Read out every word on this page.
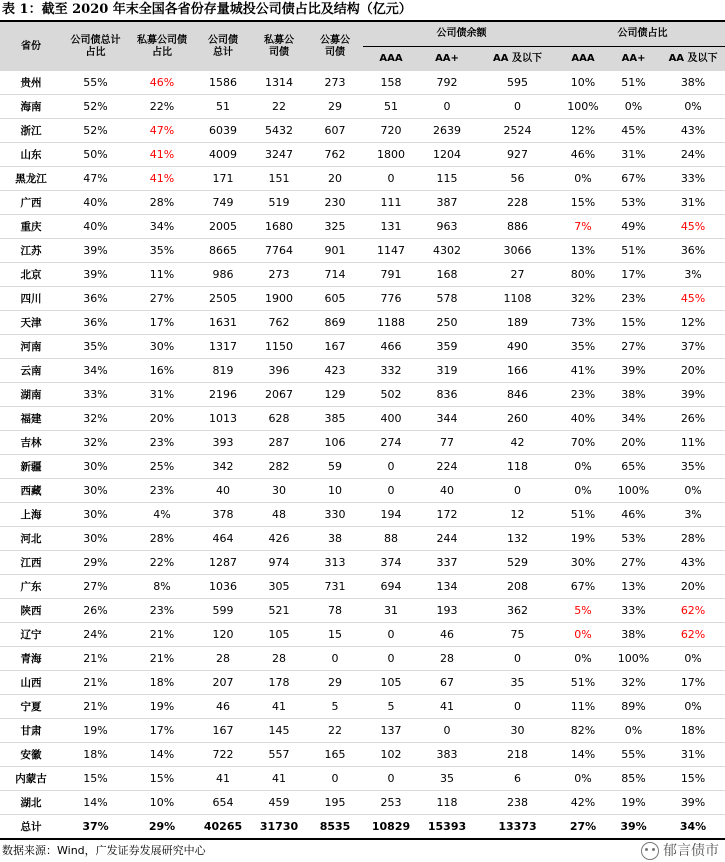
表 1：截至 2020 年末全国各省份存量城投公司债占比及结构（亿元）
省份	公司债总计占比	私募公司债占比	公司债总计	私募公司债	公募公司债	公司债余额			公司债占比		
						AAA	AA+	AA 及以下	AAA	AA+	AA 及以下
贵州	55%	46%	1586	1314	273	158	792	595	10%	51%	38%
海南	52%	22%	51	22	29	51	0	0	100%	0%	0%
浙江	52%	47%	6039	5432	607	720	2639	2524	12%	45%	43%
山东	50%	41%	4009	3247	762	1800	1204	927	46%	31%	24%
黑龙江	47%	41%	171	151	20	0	115	56	0%	67%	33%
广西	40%	28%	749	519	230	111	387	228	15%	53%	31%
重庆	40%	34%	2005	1680	325	131	963	886	7%	49%	45%
江苏	39%	35%	8665	7764	901	1147	4302	3066	13%	51%	36%
北京	39%	11%	986	273	714	791	168	27	80%	17%	3%
四川	36%	27%	2505	1900	605	776	578	1108	32%	23%	45%
天津	36%	17%	1631	762	869	1188	250	189	73%	15%	12%
河南	35%	30%	1317	1150	167	466	359	490	35%	27%	37%
云南	34%	16%	819	396	423	332	319	166	41%	39%	20%
湖南	33%	31%	2196	2067	129	502	836	846	23%	38%	39%
福建	32%	20%	1013	628	385	400	344	260	40%	34%	26%
吉林	32%	23%	393	287	106	274	77	42	70%	20%	11%
新疆	30%	25%	342	282	59	0	224	118	0%	65%	35%
西藏	30%	23%	40	30	10	0	40	0	0%	100%	0%
上海	30%	4%	378	48	330	194	172	12	51%	46%	3%
河北	30%	28%	464	426	38	88	244	132	19%	53%	28%
江西	29%	22%	1287	974	313	374	337	529	30%	27%	43%
广东	27%	8%	1036	305	731	694	134	208	67%	13%	20%
陕西	26%	23%	599	521	78	31	193	362	5%	33%	62%
辽宁	24%	21%	120	105	15	0	46	75	0%	38%	62%
青海	21%	21%	28	28	0	0	28	0	0%	100%	0%
山西	21%	18%	207	178	29	105	67	35	51%	32%	17%
宁夏	21%	19%	46	41	5	5	41	0	11%	89%	0%
甘肃	19%	17%	167	145	22	137	0	30	82%	0%	18%
安徽	18%	14%	722	557	165	102	383	218	14%	55%	31%
内蒙古	15%	15%	41	41	0	0	35	6	0%	85%	15%
湖北	14%	10%	654	459	195	253	118	238	42%	19%	39%
总计	37%	29%	40265	31730	8535	10829	15393	13373	27%	39%	34%
数据来源：Wind，广发证券发展研究中心	郁言债市
